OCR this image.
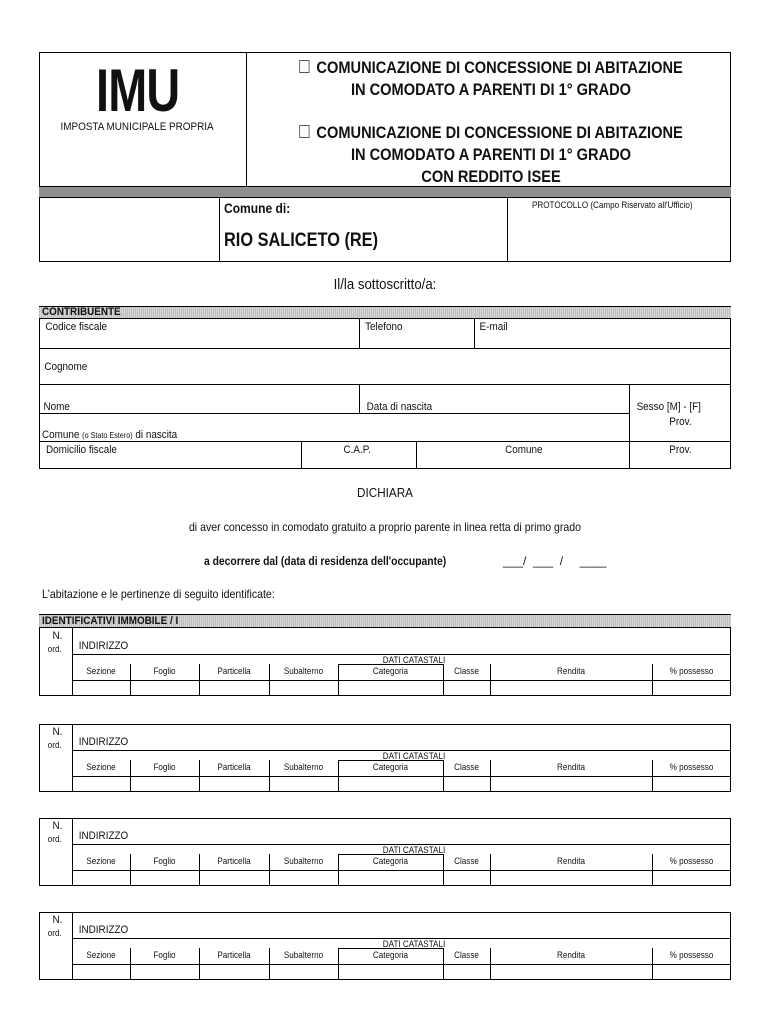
IMU
IMPOSTA MUNICIPALE PROPRIA
COMUNICAZIONE DI CONCESSIONE DI ABITAZIONE
IN COMODATO A PARENTI DI 1° GRADO
COMUNICAZIONE DI CONCESSIONE DI ABITAZIONE
IN COMODATO A PARENTI DI 1° GRADO
CON REDDITO ISEE
Comune di:
RIO SALICETO (RE)
PROTOCOLLO (Campo Riservato all'Ufficio)
Il/la sottoscritto/a:
CONTRIBUENTE
Codice fiscale	Telefono	E-mail
Cognome
Nome	Data di nascita	Sesso [M] - [F]
Prov.
Comune (o Stato Estero) di nascita
Domicilio fiscale	C.A.P.	Comune	Prov.
DICHIARA
di aver concesso in comodato gratuito a proprio parente in linea retta di primo grado
a decorrere dal (data di residenza dell'occupante)	___/  ___  /     ____
L'abitazione e le pertinenze di seguito identificate:
IDENTIFICATIVI IMMOBILE / I
N.
ord. INDIRIZZO
DATI CATASTALI
Sezione	Foglio	Particella	Subalterno	Categoria	Classe	Rendita	% possesso
N.
ord. INDIRIZZO
DATI CATASTALI
Sezione	Foglio	Particella	Subalterno	Categoria	Classe	Rendita	% possesso
N.
ord. INDIRIZZO
DATI CATASTALI
Sezione	Foglio	Particella	Subalterno	Categoria	Classe	Rendita	% possesso
N.
ord. INDIRIZZO
DATI CATASTALI
Sezione	Foglio	Particella	Subalterno	Categoria	Classe	Rendita	% possesso
